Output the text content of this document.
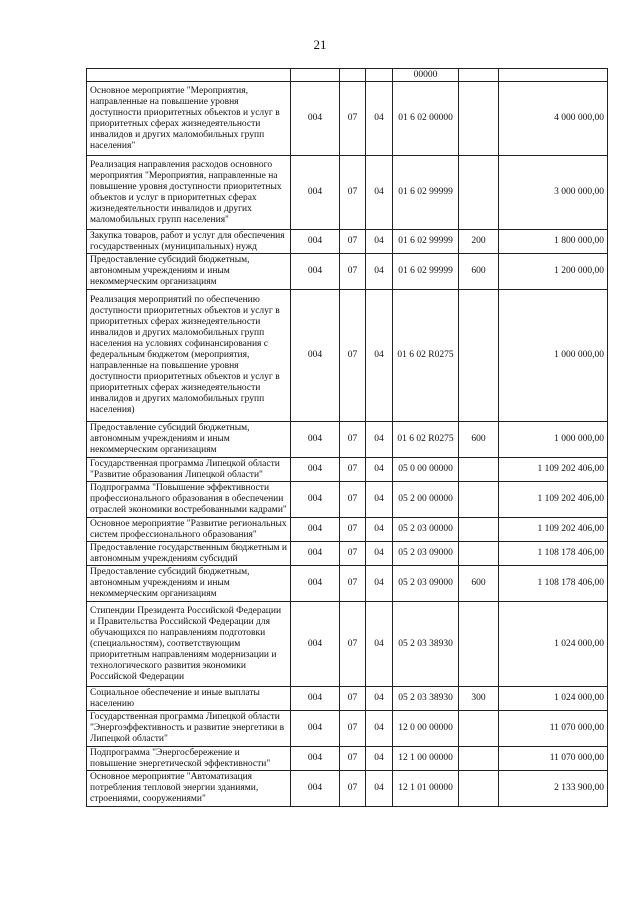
21
				00000		
Основное мероприятие "Мероприятия, направленные на повышение уровня доступности приоритетных объектов и услуг в приоритетных сферах жизнедеятельности инвалидов и других маломобильных групп населения"	004	07	04	01 6 02 00000		4 000 000,00
Реализация направления расходов основного мероприятия "Мероприятия, направленные на повышение уровня доступности приоритетных объектов и услуг в приоритетных сферах жизнедеятельности инвалидов и других маломобильных групп населения"	004	07	04	01 6 02 99999		3 000 000,00
Закупка товаров, работ и услуг для обеспечения государственных (муниципальных) нужд	004	07	04	01 6 02 99999	200	1 800 000,00
Предоставление субсидий бюджетным, автономным учреждениям и иным некоммерческим организациям	004	07	04	01 6 02 99999	600	1 200 000,00
Реализация мероприятий по обеспечению доступности приоритетных объектов и услуг в приоритетных сферах жизнедеятельности инвалидов и других маломобильных групп населения на условиях софинансирования с федеральным бюджетом (мероприятия, направленные на повышение уровня доступности приоритетных объектов и услуг в приоритетных сферах жизнедеятельности инвалидов и других маломобильных групп населения)	004	07	04	01 6 02 R0275		1 000 000,00
Предоставление субсидий бюджетным, автономным учреждениям и иным некоммерческим организациям	004	07	04	01 6 02 R0275	600	1 000 000,00
Государственная программа Липецкой области "Развитие образования Липецкой области"	004	07	04	05 0 00 00000		1 109 202 406,00
Подпрограмма "Повышение эффективности профессионального образования в обеспечении отраслей экономики востребованными кадрами"	004	07	04	05 2 00 00000		1 109 202 406,00
Основное мероприятие "Развитие региональных систем профессионального образования"	004	07	04	05 2 03 00000		1 109 202 406,00
Предоставление государственным бюджетным и автономным учреждениям субсидий	004	07	04	05 2 03 09000		1 108 178 406,00
Предоставление субсидий бюджетным, автономным учреждениям и иным некоммерческим организациям	004	07	04	05 2 03 09000	600	1 108 178 406,00
Стипендии Президента Российской Федерации и Правительства Российской Федерации для обучающихся по направлениям подготовки (специальностям), соответствующим приоритетным направлениям модернизации и технологического развития экономики Российской Федерации	004	07	04	05 2 03 38930		1 024 000,00
Социальное обеспечение и иные выплаты населению	004	07	04	05 2 03 38930	300	1 024 000,00
Государственная программа Липецкой области "Энергоэффективность и развитие энергетики в Липецкой области"	004	07	04	12 0 00 00000		11 070 000,00
Подпрограмма "Энергосбережение и повышение энергетической эффективности"	004	07	04	12 1 00 00000		11 070 000,00
Основное мероприятие "Автоматизация потребления тепловой энергии зданиями, строениями, сооружениями"	004	07	04	12 1 01 00000		2 133 900,00
